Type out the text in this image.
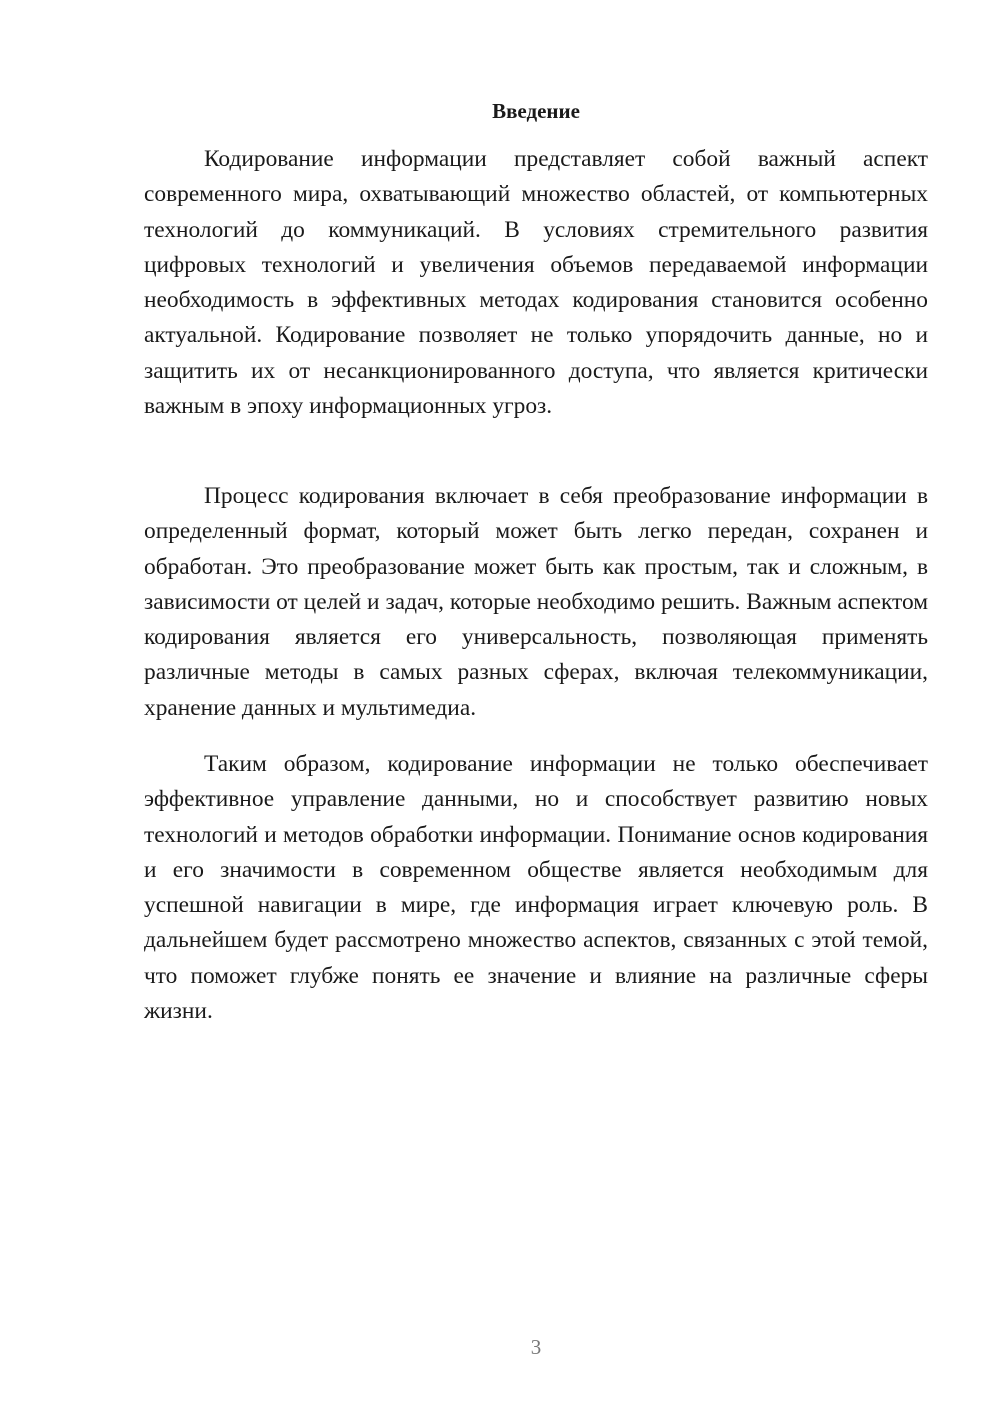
Введение

Кодирование информации представляет собой важный аспект современного мира, охватывающий множество областей, от компьютерных технологий до коммуникаций. В условиях стремительного развития цифровых технологий и увеличения объемов передаваемой информации необходимость в эффективных методах кодирования становится особенно актуальной. Кодирование позволяет не только упорядочить данные, но и защитить их от несанкционированного доступа, что является критически важным в эпоху информационных угроз.

Процесс кодирования включает в себя преобразование информации в определенный формат, который может быть легко передан, сохранен и обработан. Это преобразование может быть как простым, так и сложным, в зависимости от целей и задач, которые необходимо решить. Важным аспектом кодирования является его универсальность, позволяющая применять различные методы в самых разных сферах, включая телекоммуникации, хранение данных и мультимедиа.

Таким образом, кодирование информации не только обеспечивает эффективное управление данными, но и способствует развитию новых технологий и методов обработки информации. Понимание основ кодирования и его значимости в современном обществе является необходимым для успешной навигации в мире, где информация играет ключевую роль. В дальнейшем будет рассмотрено множество аспектов, связанных с этой темой, что поможет глубже понять ее значение и влияние на различные сферы жизни.

3
